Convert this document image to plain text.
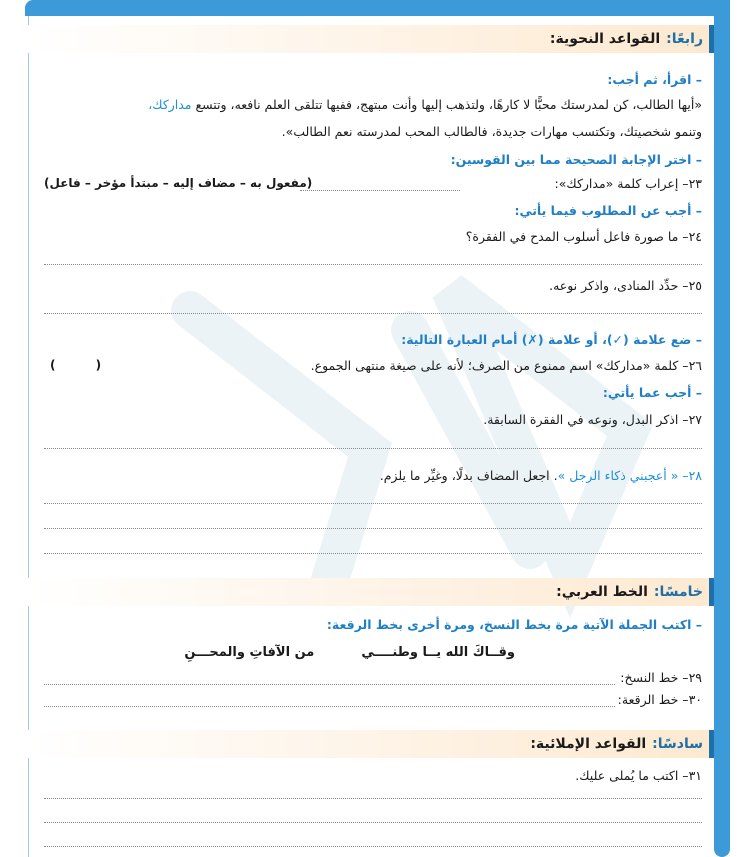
رابعًا:
القواعد النحوية:
– اقرأ، ثم أجب:
«أيها الطالب، كن لمدرستك محبًّا لا كارهًا، ولتذهب إليها وأنت مبتهج، ففيها تتلقى العلم نافعه، وتتسع مداركك،
وتنمو شخصيتك، وتكتسب مهارات جديدة، فالطالب المحب لمدرسته نعم الطالب».
– اختر الإجابة الصحيحة مما بين القوسين:
٢٣– إعراب كلمة «مداركك»:
(مفعول به – مضاف إليه – مبتدأ مؤخر – فاعل)
– أجب عن المطلوب فيما يأتي:
٢٤– ما صورة فاعل أسلوب المدح في الفقرة؟
٢٥– حدِّد المنادى، واذكر نوعه.
– ضع علامة (✓)، أو علامة (✗) أمام العبارة التالية:
٢٦– كلمة «مداركك» اسم ممنوع من الصرف؛ لأنه على صيغة منتهى الجموع.
( )
– أجب عما يأتي:
٢٧– اذكر البدل، ونوعه في الفقرة السابقة.
٢٨– « أعجبني ذكاء الرجل ». اجعل المضاف بدلًا، وغيِّر ما يلزم.
خامسًا:
الخط العربي:
– اكتب الجملة الآتية مرة بخط النسخ، ومرة أخرى بخط الرقعة:
وقــاكَ الله يــا وطنــــي  من الآفاتِ والمحـــنِ
٢٩– خط النسخ:
٣٠– خط الرقعة:
سادسًا:
القواعد الإملائية:
٣١– اكتب ما يُملى عليك.
